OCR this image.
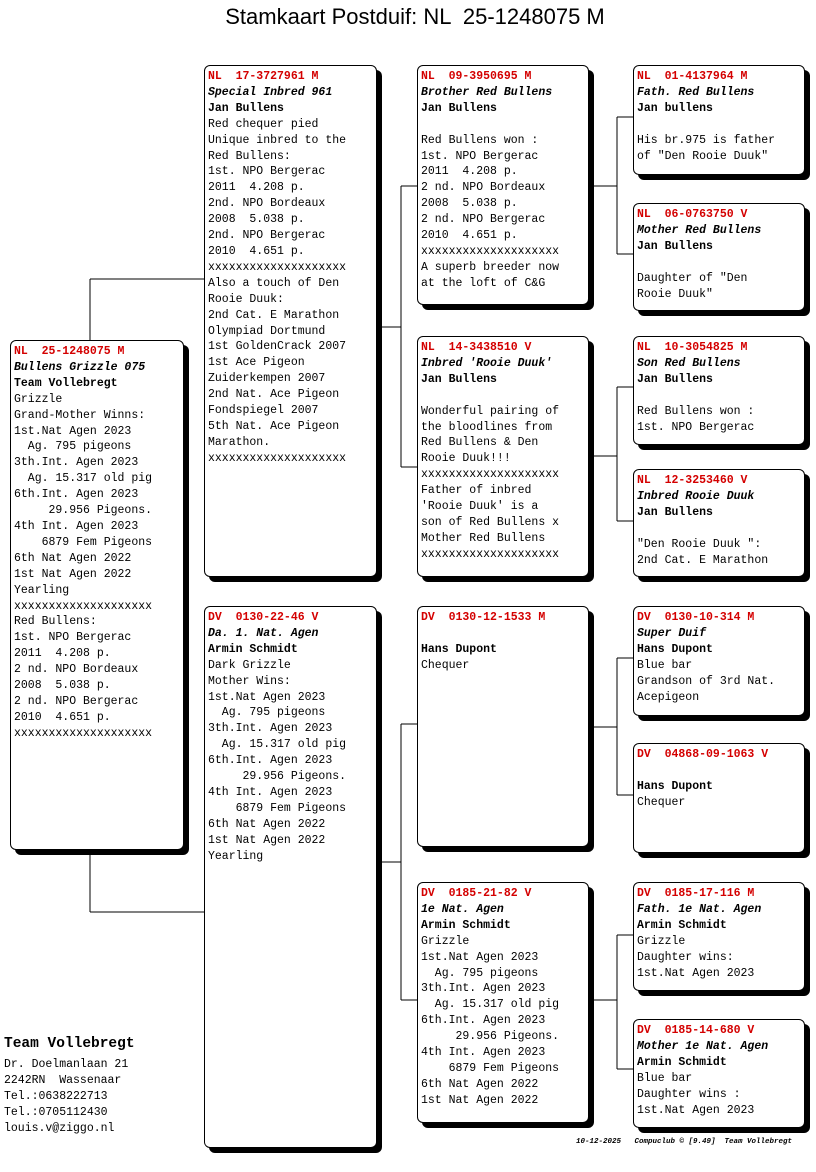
Stamkaart Postduif: NL  25-1248075 M
NL  25-1248075 M
Bullens Grizzle 075
Team Vollebregt
Grizzle
Grand-Mother Winns:
1st.Nat Agen 2023
Ag. 795 pigeons
3th.Int. Agen 2023
Ag. 15.317 old pig
6th.Int. Agen 2023
29.956 Pigeons.
4th Int. Agen 2023
6879 Fem Pigeons
6th Nat Agen 2022
1st Nat Agen 2022
Yearling
xxxxxxxxxxxxxxxxxxxx
Red Bullens:
1st. NPO Bergerac
2011  4.208 p.
2 nd. NPO Bordeaux
2008  5.038 p.
2 nd. NPO Bergerac
2010  4.651 p.
xxxxxxxxxxxxxxxxxxxx
NL  17-3727961 M
Special Inbred 961
Jan Bullens
Red chequer pied
Unique inbred to the
Red Bullens:
1st. NPO Bergerac
2011  4.208 p.
2nd. NPO Bordeaux
2008  5.038 p.
2nd. NPO Bergerac
2010  4.651 p.
xxxxxxxxxxxxxxxxxxxx
Also a touch of Den
Rooie Duuk:
2nd Cat. E Marathon
Olympiad Dortmund
1st GoldenCrack 2007
1st Ace Pigeon
Zuiderkempen 2007
2nd Nat. Ace Pigeon
Fondspiegel 2007
5th Nat. Ace Pigeon
Marathon.
xxxxxxxxxxxxxxxxxxxx
DV  0130-22-46 V
Da. 1. Nat. Agen
Armin Schmidt
Dark Grizzle
Mother Wins:
1st.Nat Agen 2023
Ag. 795 pigeons
3th.Int. Agen 2023
Ag. 15.317 old pig
6th.Int. Agen 2023
29.956 Pigeons.
4th Int. Agen 2023
6879 Fem Pigeons
6th Nat Agen 2022
1st Nat Agen 2022
Yearling
NL  09-3950695 M
Brother Red Bullens
Jan Bullens
Red Bullens won :
1st. NPO Bergerac
2011  4.208 p.
2 nd. NPO Bordeaux
2008  5.038 p.
2 nd. NPO Bergerac
2010  4.651 p.
xxxxxxxxxxxxxxxxxxxx
A superb breeder now
at the loft of C&G
NL  14-3438510 V
Inbred 'Rooie Duuk'
Jan Bullens
Wonderful pairing of
the bloodlines from
Red Bullens & Den
Rooie Duuk!!!
xxxxxxxxxxxxxxxxxxxx
Father of inbred
'Rooie Duuk' is a
son of Red Bullens x
Mother Red Bullens
xxxxxxxxxxxxxxxxxxxx
DV  0130-12-1533 M
Hans Dupont
Chequer
DV  0185-21-82 V
1e Nat. Agen
Armin Schmidt
Grizzle
1st.Nat Agen 2023
Ag. 795 pigeons
3th.Int. Agen 2023
Ag. 15.317 old pig
6th.Int. Agen 2023
29.956 Pigeons.
4th Int. Agen 2023
6879 Fem Pigeons
6th Nat Agen 2022
1st Nat Agen 2022
NL  01-4137964 M
Fath. Red Bullens
Jan bullens
His br.975 is father
of "Den Rooie Duuk"
NL  06-0763750 V
Mother Red Bullens
Jan Bullens
Daughter of "Den
Rooie Duuk"
NL  10-3054825 M
Son Red Bullens
Jan Bullens
Red Bullens won :
1st. NPO Bergerac
NL  12-3253460 V
Inbred Rooie Duuk
Jan Bullens
"Den Rooie Duuk ":
2nd Cat. E Marathon
DV  0130-10-314 M
Super Duif
Hans Dupont
Blue bar
Grandson of 3rd Nat.
Acepigeon
DV  04868-09-1063 V
Hans Dupont
Chequer
DV  0185-17-116 M
Fath. 1e Nat. Agen
Armin Schmidt
Grizzle
Daughter wins:
1st.Nat Agen 2023
DV  0185-14-680 V
Mother 1e Nat. Agen
Armin Schmidt
Blue bar
Daughter wins :
1st.Nat Agen 2023
Team Vollebregt
Dr. Doelmanlaan 21
2242RN  Wassenaar
Tel.:0638222713
Tel.:0705112430
louis.v@ziggo.nl
10-12-2025   Compuclub © [9.49]  Team Vollebregt
